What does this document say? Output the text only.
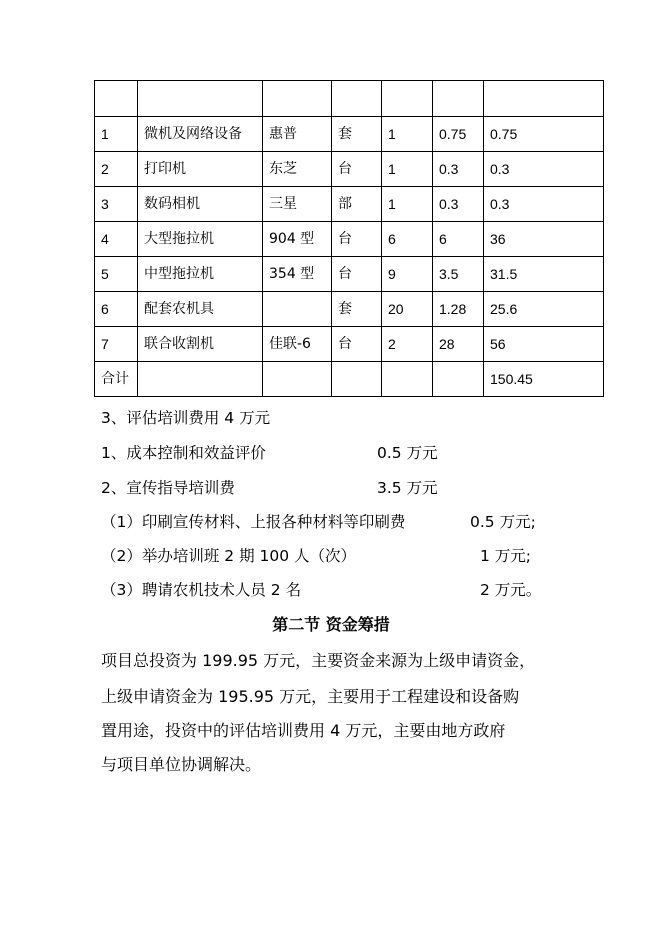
1	微机及网络设备	惠普	套	1	0.75	0.75
2	打印机	东芝	台	1	0.3	0.3
3	数码相机	三星	部	1	0.3	0.3
4	大型拖拉机	904 型	台	6	6	36
5	中型拖拉机	354 型	台	9	3.5	31.5
6	配套农机具		套	20	1.28	25.6
7	联合收割机	佳联-6	台	2	28	56
合计						150.45
3、评估培训费用 4 万元
1、成本控制和效益评价	0.5 万元
2、宣传指导培训费	3.5 万元
（1）印刷宣传材料、上报各种材料等印刷费	0.5 万元;
（2）举办培训班 2 期 100 人（次）	1 万元;
（3）聘请农机技术人员 2 名	2 万元。
第二节 资金筹措
项目总投资为 199.95 万元，主要资金来源为上级申请资金，
上级申请资金为 195.95 万元，主要用于工程建设和设备购
置用途，投资中的评估培训费用 4 万元，主要由地方政府
与项目单位协调解决。
